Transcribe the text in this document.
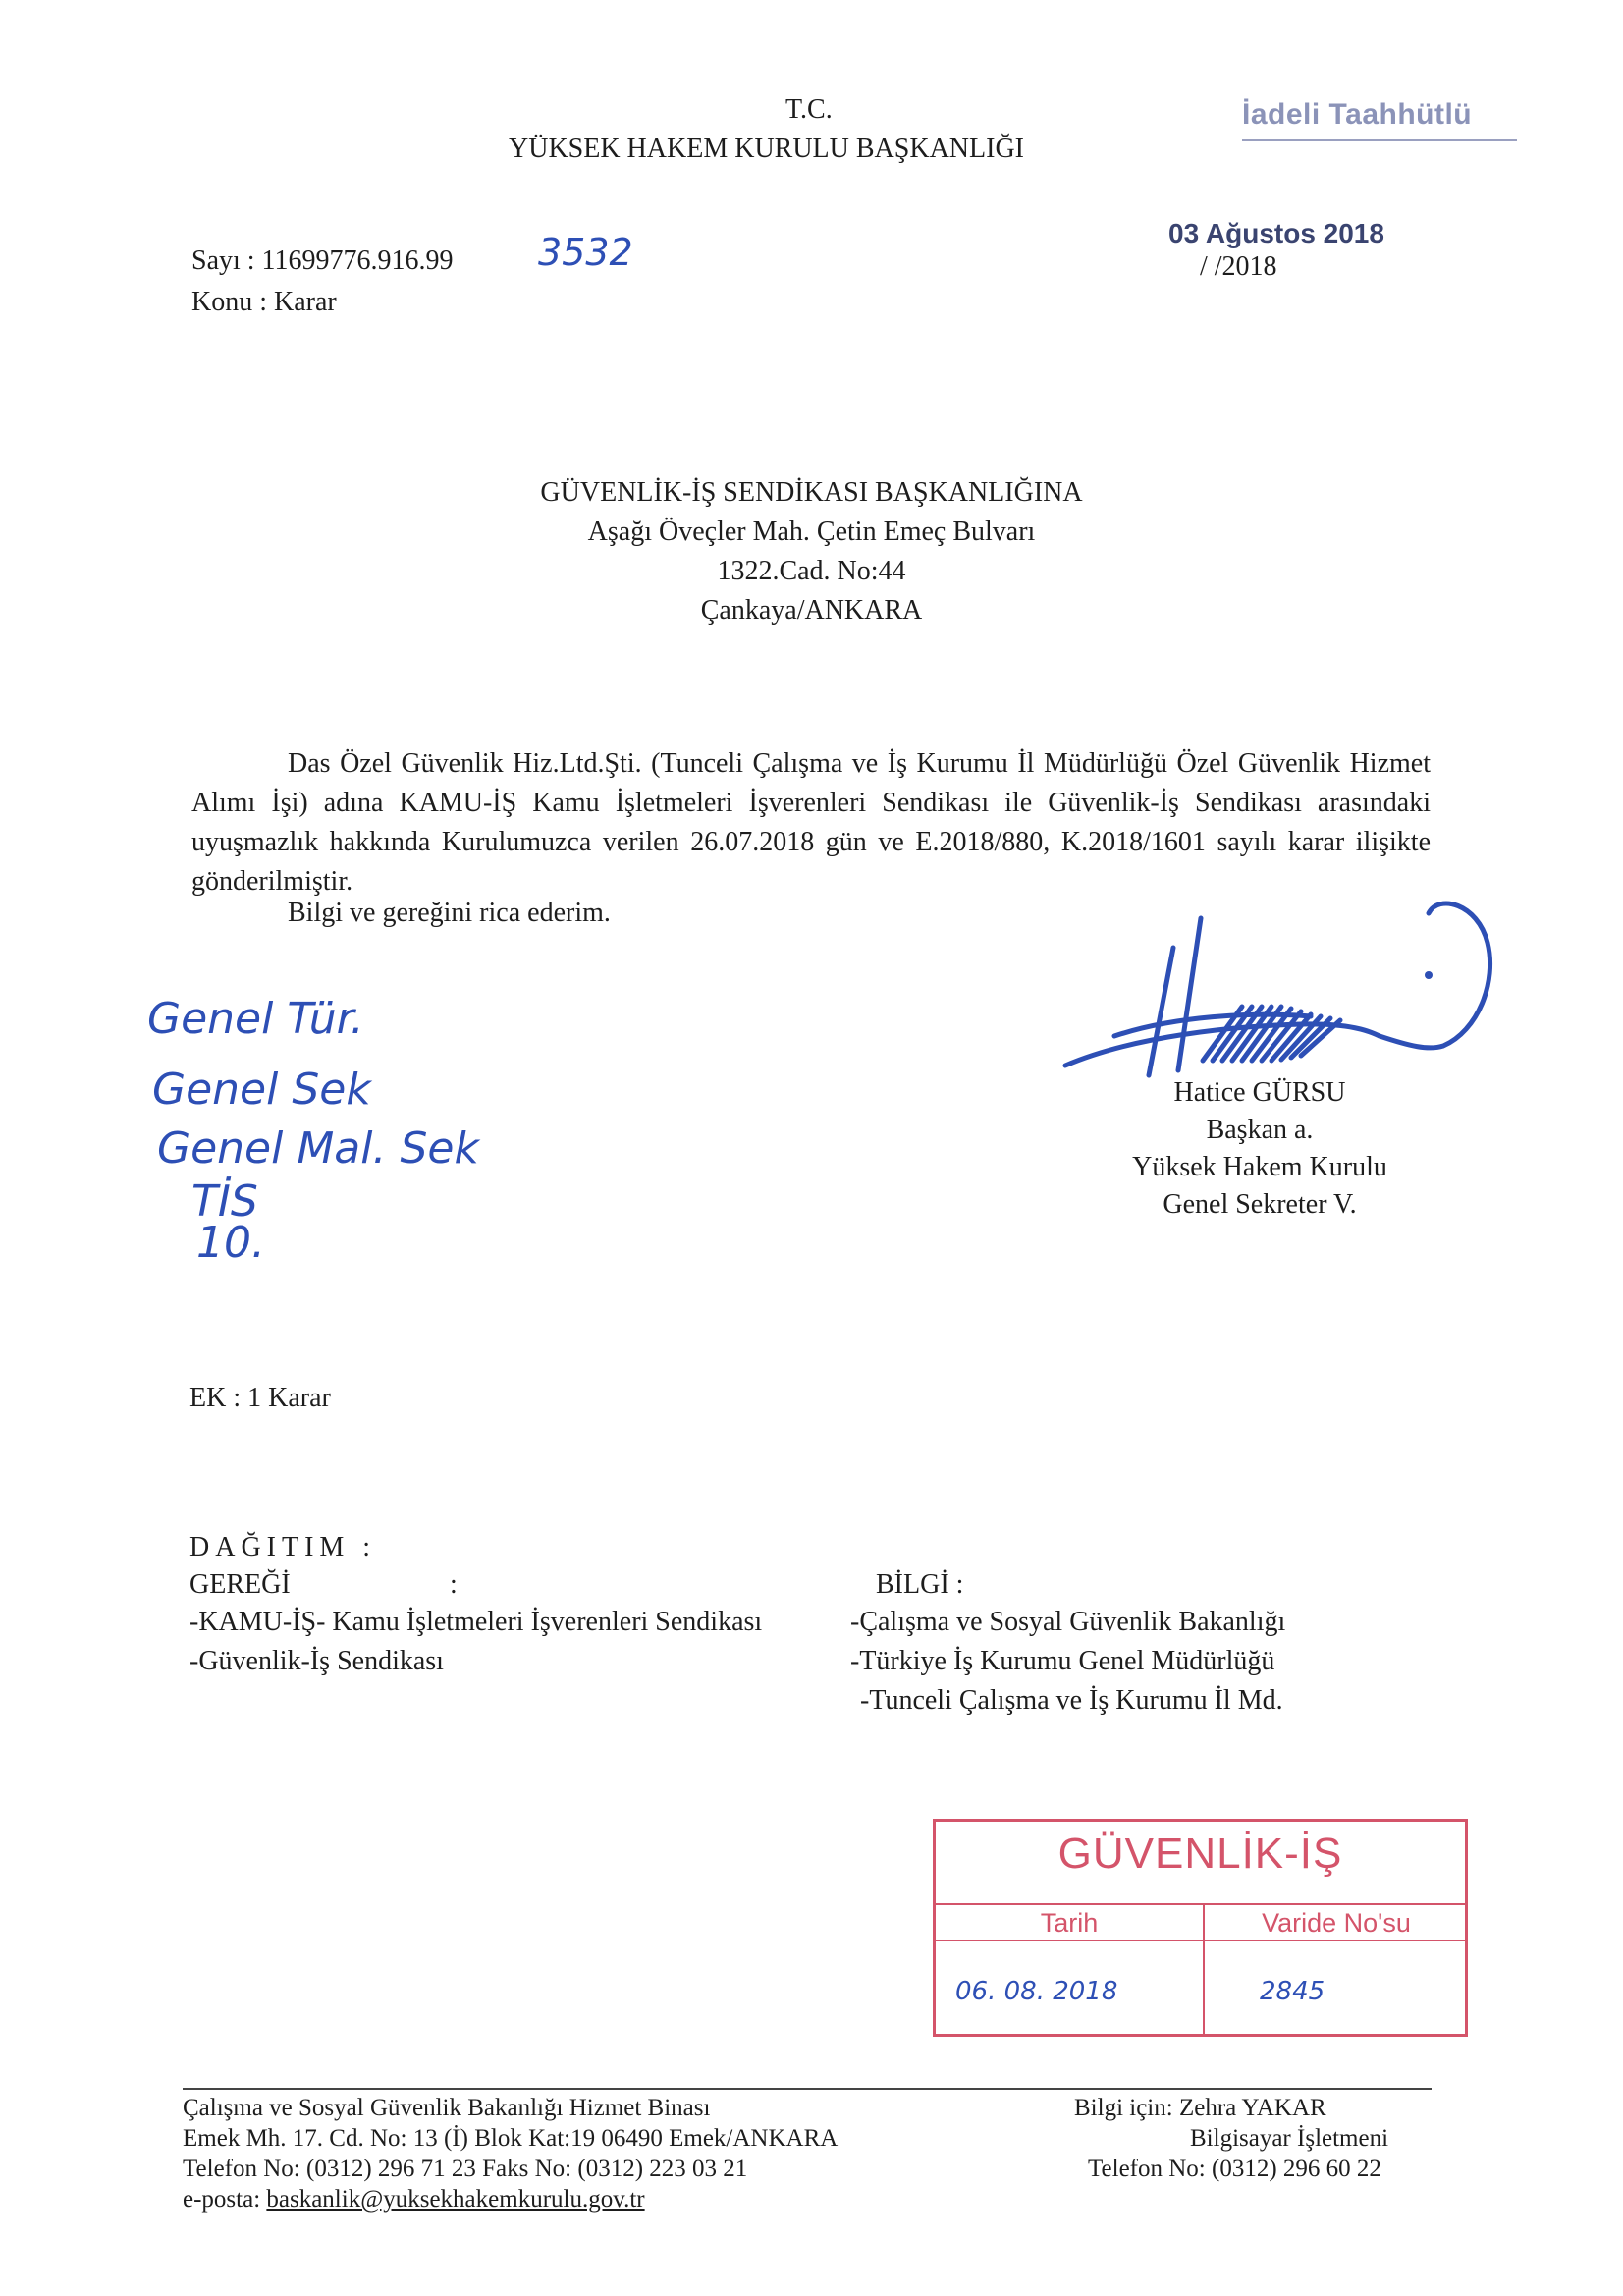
T.C.
YÜKSEK HAKEM KURULU BAŞKANLIĞI
İadeli Taahhütlü
Sayı : 11699776.916.99 3532
Konu : Karar
03 Ağustos 2018
/ /2018
GÜVENLİK-İŞ SENDİKASI BAŞKANLIĞINA
Aşağı Öveçler Mah. Çetin Emeç Bulvarı
1322.Cad. No:44
Çankaya/ANKARA
Das Özel Güvenlik Hiz.Ltd.Şti. (Tunceli Çalışma ve İş Kurumu İl Müdürlüğü Özel Güvenlik Hizmet Alımı İşi) adına KAMU-İŞ Kamu İşletmeleri İşverenleri Sendikası ile Güvenlik-İş Sendikası arasındaki uyuşmazlık hakkında Kurulumuzca verilen 26.07.2018 gün ve E.2018/880, K.2018/1601 sayılı karar ilişikte gönderilmiştir.
Bilgi ve gereğini rica ederim.
Genel Tür.
Genel Sek
Genel Mal. Sek
TİS
10.
Hatice GÜRSU
Başkan a.
Yüksek Hakem Kurulu
Genel Sekreter V.
EK : 1 Karar
DAĞITIM :
GEREĞİ	:	BİLGİ :
-KAMU-İŞ- Kamu İşletmeleri İşverenleri Sendikası
-Güvenlik-İş Sendikası
-Çalışma ve Sosyal Güvenlik Bakanlığı
-Türkiye İş Kurumu Genel Müdürlüğü
-Tunceli Çalışma ve İş Kurumu İl Md.
GÜVENLİK-İŞ
Tarih	Varide No'su
06. 08. 2018	2845
Çalışma ve Sosyal Güvenlik Bakanlığı Hizmet Binası
Emek Mh. 17. Cd. No: 13 (İ) Blok Kat:19 06490 Emek/ANKARA
Telefon No: (0312) 296 71 23 Faks No: (0312) 223 03 21
e-posta: baskanlik@yuksekhakemkurulu.gov.tr
Bilgi için: Zehra YAKAR
Bilgisayar İşletmeni
Telefon No: (0312) 296 60 22
